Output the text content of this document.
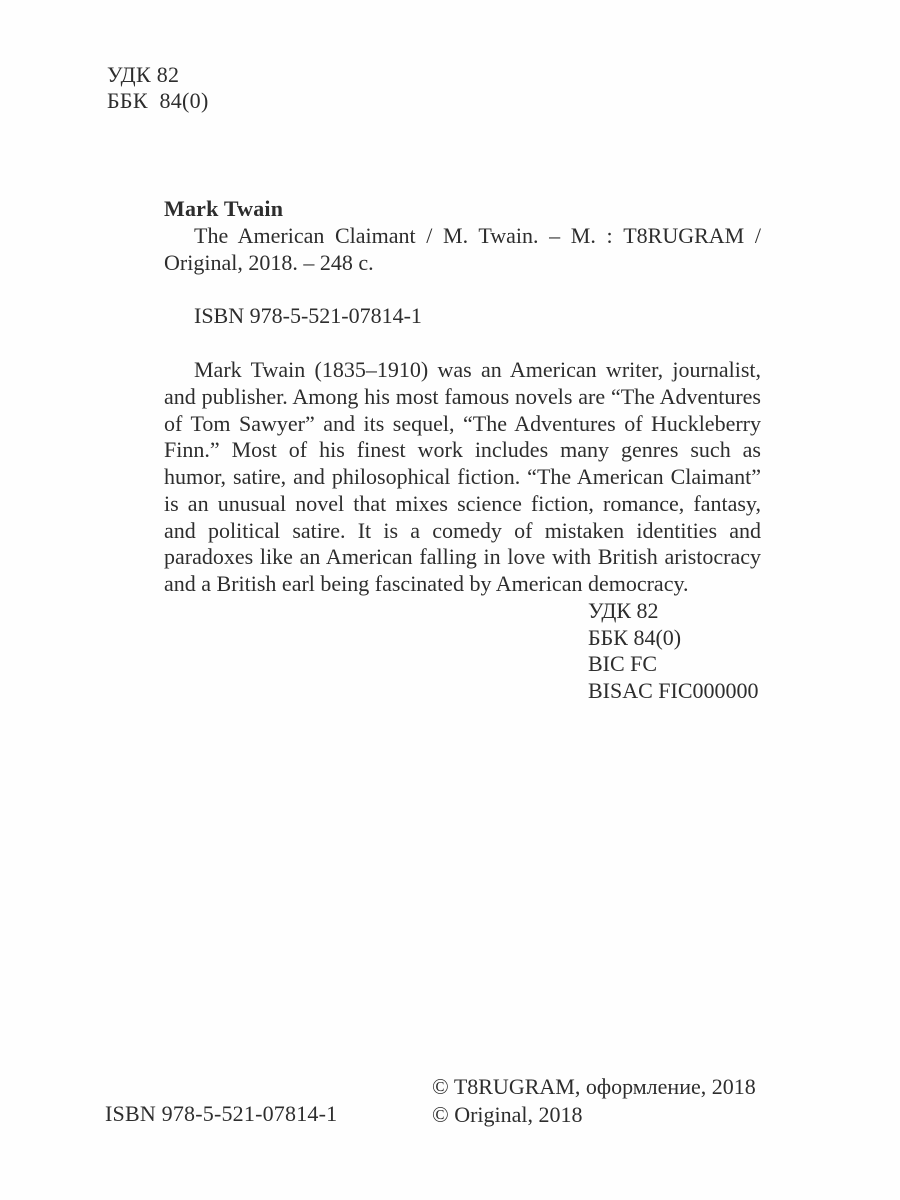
УДК 82
ББК  84(0)

Mark Twain

The American Claimant / M. Twain. – М. : T8RUGRAM / Original, 2018. – 248 с.

ISBN 978-5-521-07814-1

Mark Twain (1835–1910) was an American writer, journalist, and publisher. Among his most famous novels are “The Adventures of Tom Sawyer” and its sequel, “The Adventures of Huckleberry Finn.” Most of his finest work includes many genres such as humor, satire, and philosophical fiction. “The American Claimant” is an unusual novel that mixes science fiction, romance, fantasy, and political satire. It is a comedy of mistaken identities and paradoxes like an American falling in love with British aristocracy and a British earl being fascinated by American democracy.

УДК 82
ББК 84(0)
BIC FC
BISAC FIC000000
ISBN 978-5-521-07814-1
© T8RUGRAM, оформление, 2018
© Original, 2018
